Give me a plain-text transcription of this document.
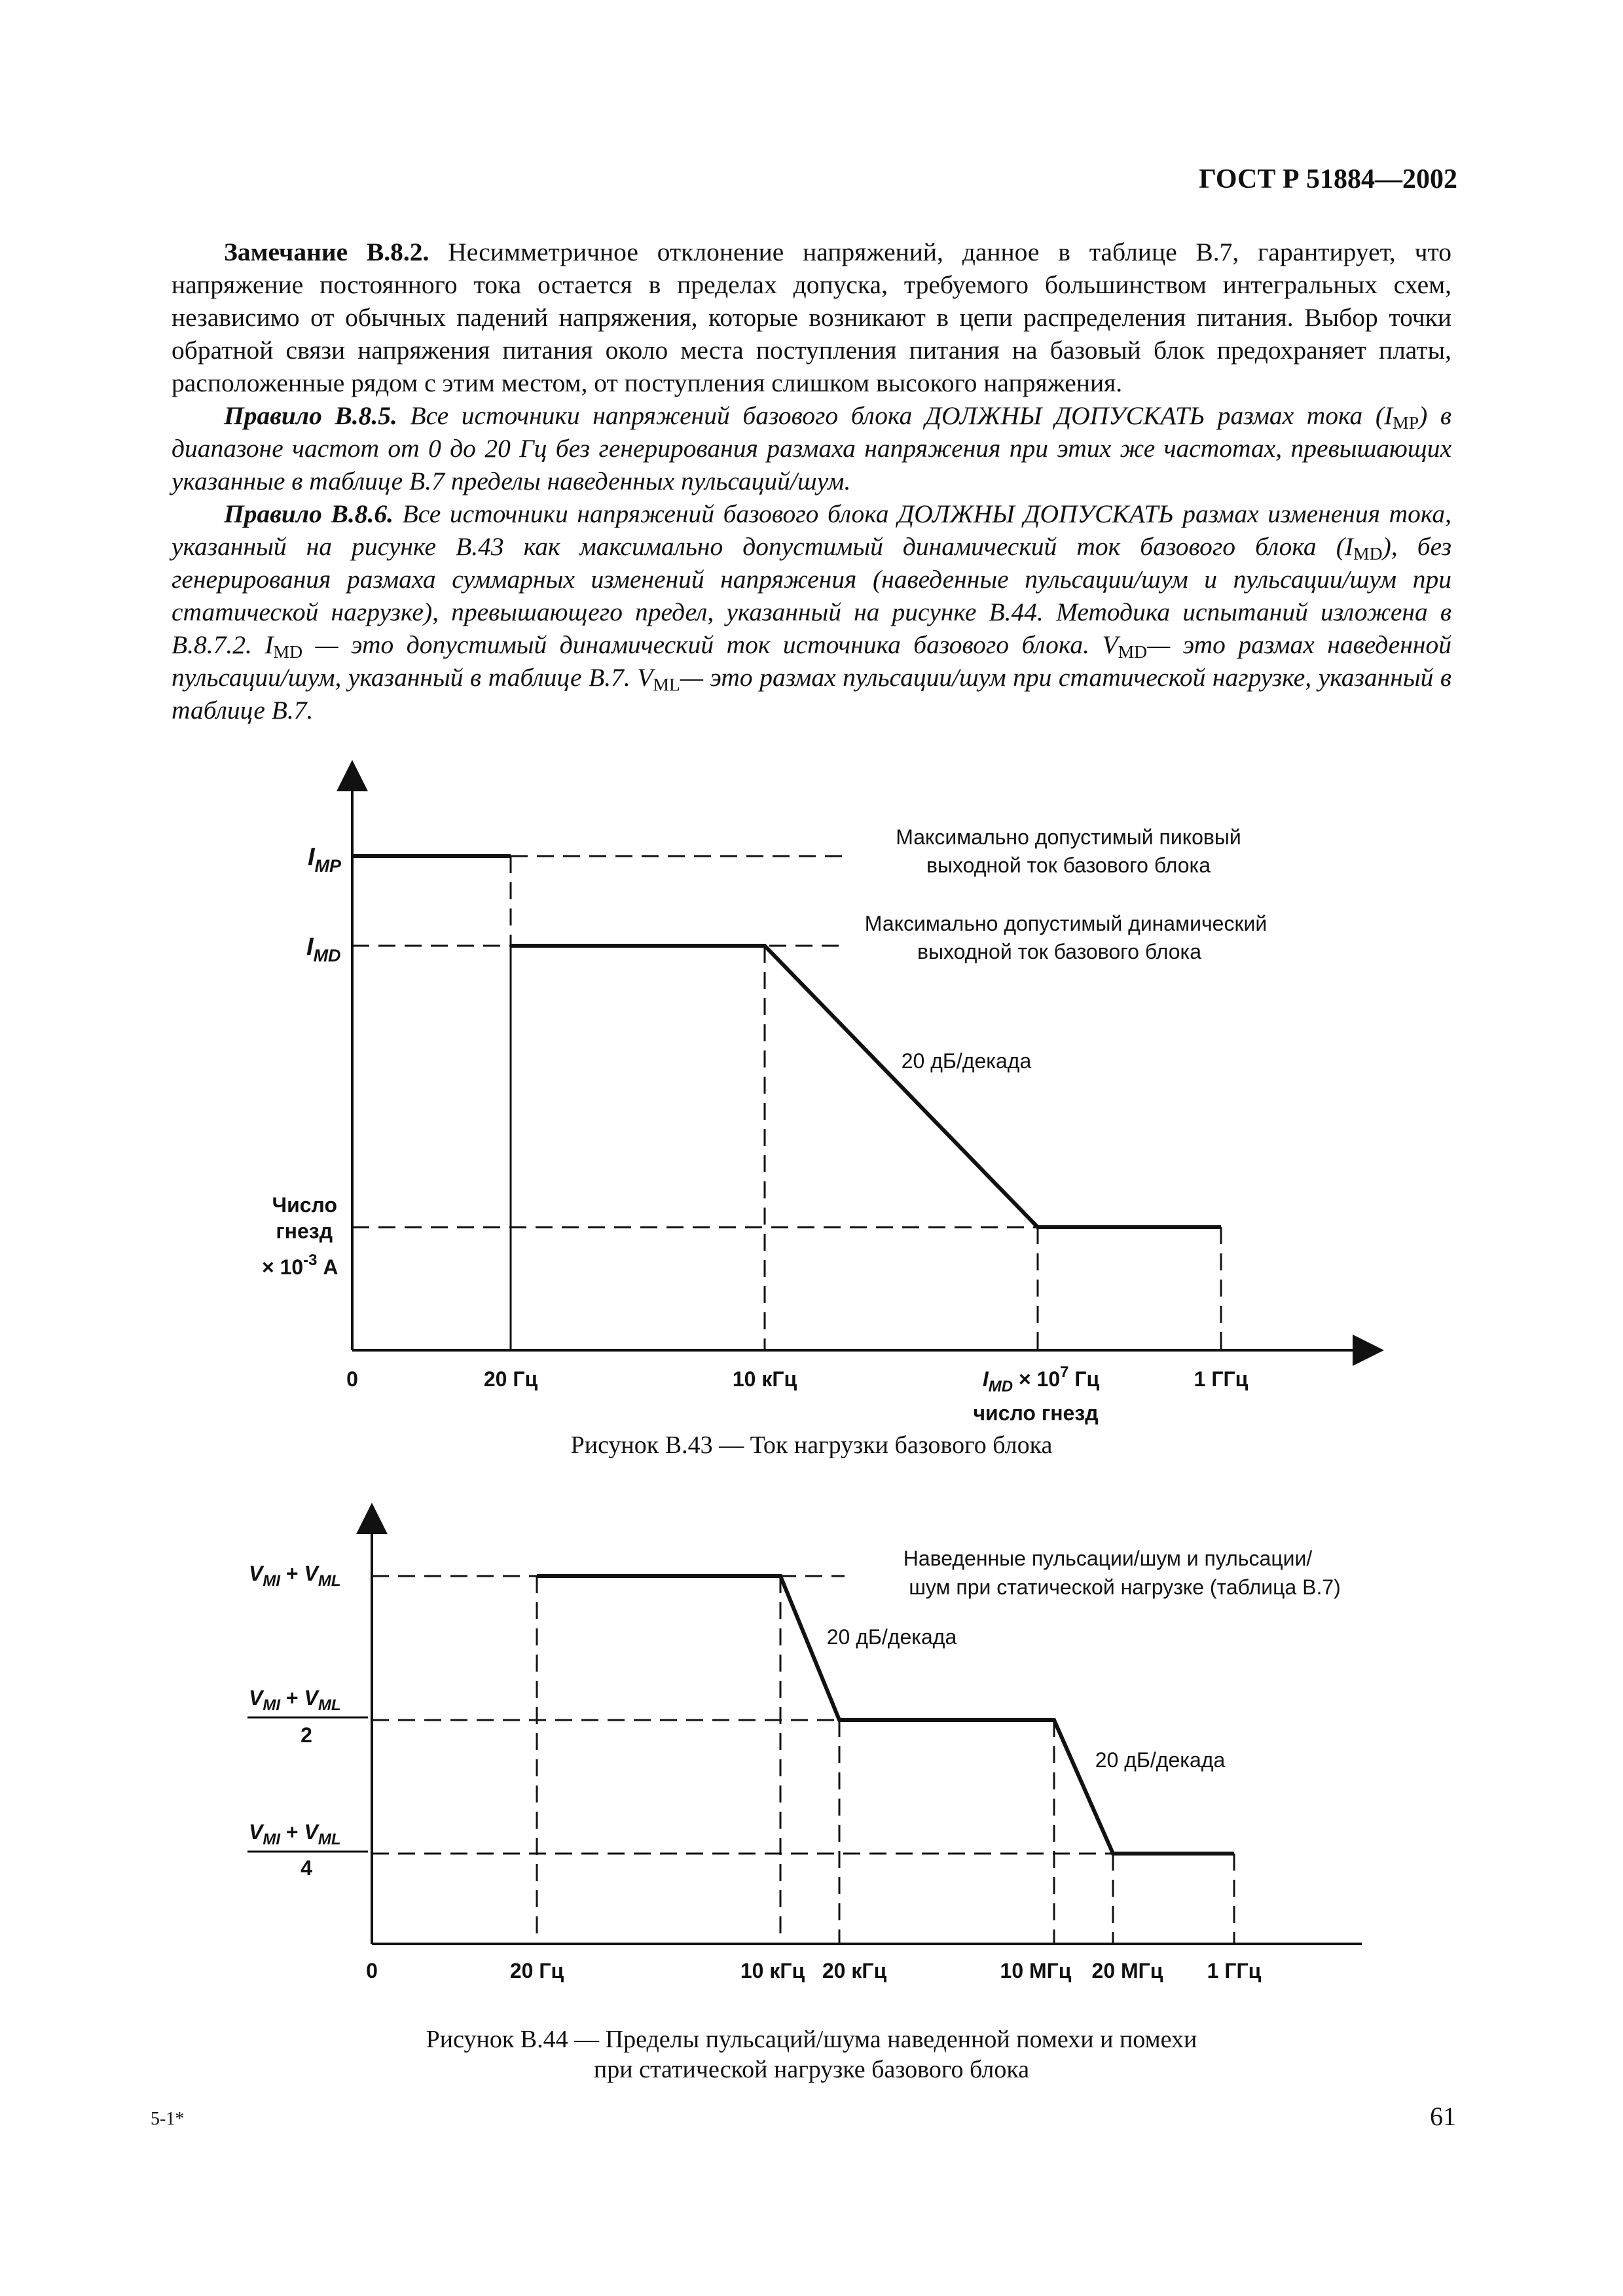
ГОСТ Р 51884—2002

Замечание В.8.2. Несимметричное отклонение напряжений, данное в таблице В.7, гарантирует, что напряжение постоянного тока остается в пределах допуска, требуемого большинством интегральных схем, независимо от обычных падений напряжения, которые возникают в цепи распределения питания. Выбор точки обратной связи напряжения питания около места поступления питания на базовый блок предохраняет платы, расположенные рядом с этим местом, от поступления слишком высокого напряжения.

Правило В.8.5. Все источники напряжений базового блока ДОЛЖНЫ ДОПУСКАТЬ размах тока $(I_{MP})$ в диапазоне частот от 0 до 20 Гц без генерирования размаха напряжения при этих же частотах, превышающих указанные в таблице В.7 пределы наведенных пульсаций/шум.

Правило В.8.6. Все источники напряжений базового блока ДОЛЖНЫ ДОПУСКАТЬ размах изменения тока, указанный на рисунке В.43 как максимально допустимый динамический ток базового блока $(I_{MD})$, без генерирования размаха суммарных изменений напряжения (наведенные пульсации/шум и пульсации/шум при статической нагрузке), превышающего предел, указанный на рисунке В.44. Методика испытаний изложена в В.8.7.2. $I_{MD}$ — это допустимый динамический ток источника базового блока. $V_{MD}—$ это размах наведенной пульсации/шум, указанный в таблице В.7. $V_{ML}—$ это размах пульсации/шум при статической нагрузке, указанный в таблице В.7.

$I_{MP}$
$I_{MD}$
Число
гнезд
× $10^{-3}$ А
0	20 Гц	10 кГц	$I_{MD} \times 10^7$ Гц
число гнезд
1 ГГц
Максимально допустимый пиковый
выходной ток базового блока
Максимально допустимый динамический
выходной ток базового блока
20 дБ/декада
Рисунок В.43 — Ток нагрузки базового блока
$V_{MI} + V_{ML}$
$V_{MI} + V_{ML}$
2
$V_{MI} + V_{ML}$
4
0	20 Гц	10 кГц 20 кГц	10 МГц 20 МГц 1 ГГц
Наведенные пульсации/шум и пульсации/
шум при статической нагрузке (таблица В.7)
20 дБ/декада
20 дБ/декада
Рисунок В.44 — Пределы пульсаций/шума наведенной помехи и помехи
при статической нагрузке базового блока
5-1*	61
